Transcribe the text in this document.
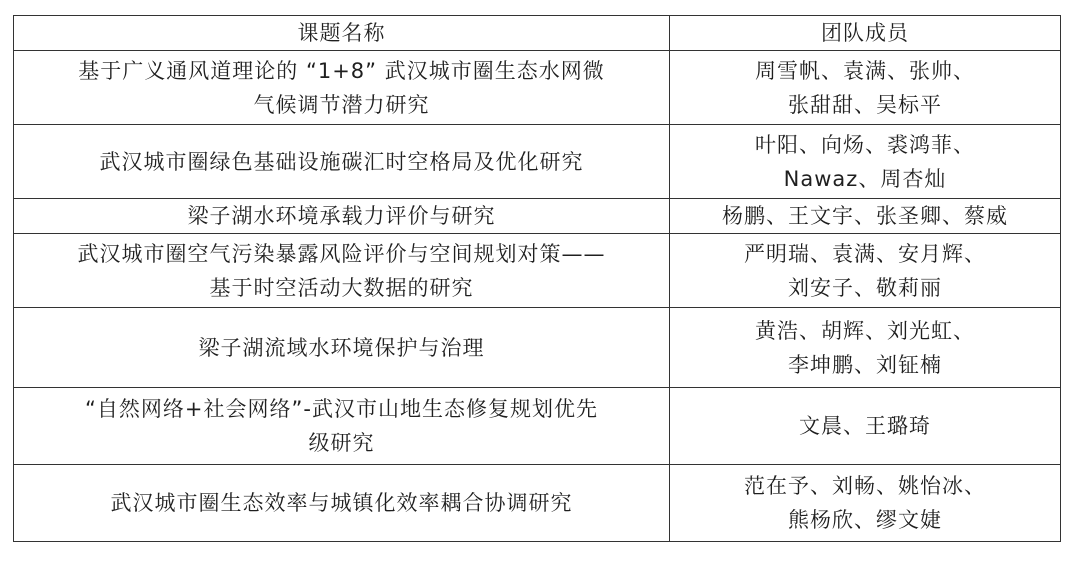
课题名称	团队成员

基于广义通风道理论的 “1+8” 武汉城市圈生态水网微
气候调节潜力研究	周雪帆、袁满、张帅、
张甜甜、吴标平

武汉城市圈绿色基础设施碳汇时空格局及优化研究	叶阳、向炀、裘鸿菲、
Nawaz、周杏灿

梁子湖水环境承载力评价与研究	杨鹏、王文宇、张圣卿、蔡威

武汉城市圈空气污染暴露风险评价与空间规划对策——
基于时空活动大数据的研究	严明瑞、袁满、安月辉、
刘安子、敬莉丽

梁子湖流域水环境保护与治理	黄浩、胡辉、刘光虹、
李坤鹏、刘钲楠

“自然网络+社会网络”-武汉市山地生态修复规划优先
级研究	文晨、王璐琦

武汉城市圈生态效率与城镇化效率耦合协调研究	范在予、刘畅、姚怡冰、
熊杨欣、缪文婕
